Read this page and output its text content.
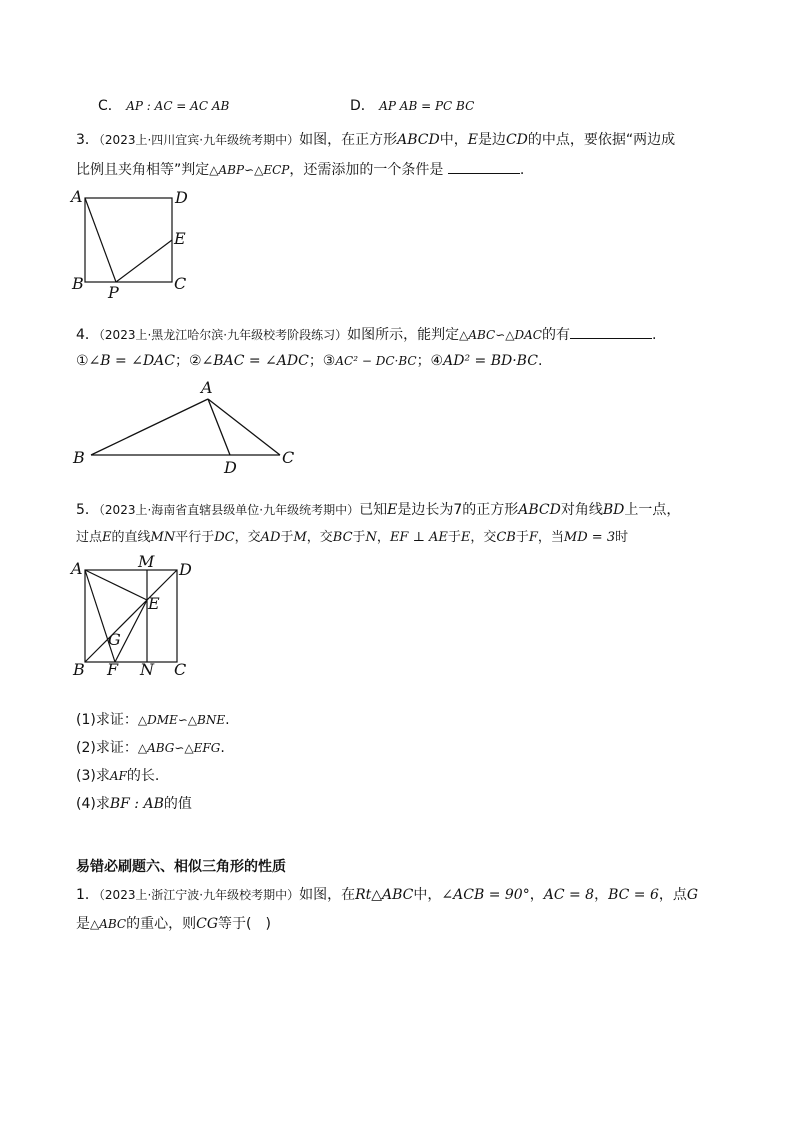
C． AP : AC = AC AB	D． AP AB = PC BC
3．（2023上·四川宜宾·九年级统考期中）如图，在正方形ABCD中，E是边CD的中点，要依据“两边成
比例且夹角相等”判定△ABP∽△ECP，还需添加的一个条件是	.
A	D
E
B P	C
A
B
D
C
A	M D
E
G
B F N C
4．（2023上·黑龙江哈尔滨·九年级校考阶段练习）如图所示，能判定△ABC∽△DAC的有	.
①∠B = ∠DAC；②∠BAC = ∠ADC；③AC² − DC·BC；④AD² = BD·BC.
5．（2023上·海南省直辖县级单位·九年级统考期中）已知E是边长为7的正方形ABCD对角线BD上一点，
过点E的直线MN平行于DC，交AD于M，交BC于N，EF ⊥ AE于E，交CB于F，当MD = 3时
(1)求证：△DME∽△BNE.
(2)求证：△ABG∽△EFG.
(3)求AF的长.
(4)求BF : AB的值
易错必刷题六、相似三角形的性质
1．（2023上·浙江宁波·九年级校考期中）如图，在Rt△ABC中，∠ACB = 90°，AC = 8，BC = 6，点G
是△ABC的重心，则CG等于(　)
